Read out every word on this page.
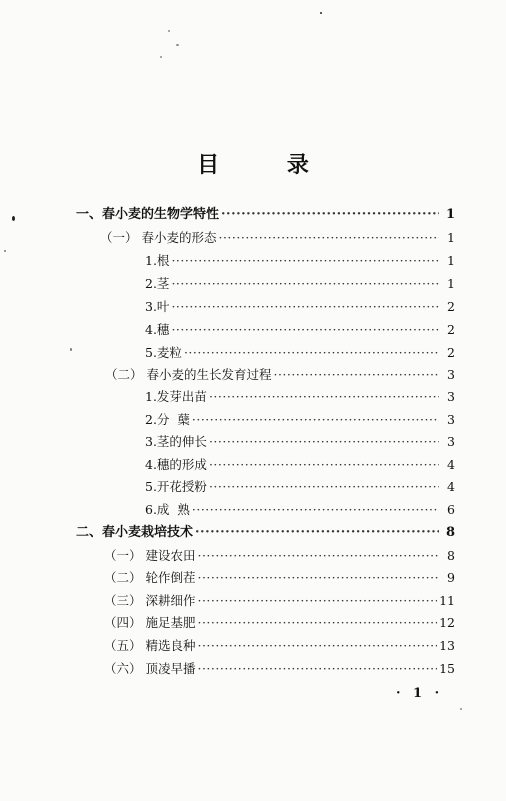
目 录
一、春小麦的生物学特性 ·····	1
（一） 春小麦的形态 ·····	1
1.根 ·····	1
2.茎 ·····	1
3.叶 ·····	2
4.穗 ·····	2
5.麦粒 ·····	2
（二） 春小麦的生长发育过程 ·····	3
1.发芽出苗 ·····	3
2.分  蘖 ·····	3
3.茎的伸长 ·····	3
4.穗的形成 ·····	4
5.开花授粉 ·····	4
6.成  熟 ·····	6
二、春小麦栽培技术 ·····	8
（一） 建设农田 ·····	8
（二） 轮作倒茬 ·····	9
（三） 深耕细作 ·····	11
（四） 施足基肥 ·····	12
（五） 精选良种 ·····	13
（六） 顶凌早播 ·····	15
· 1 ·
